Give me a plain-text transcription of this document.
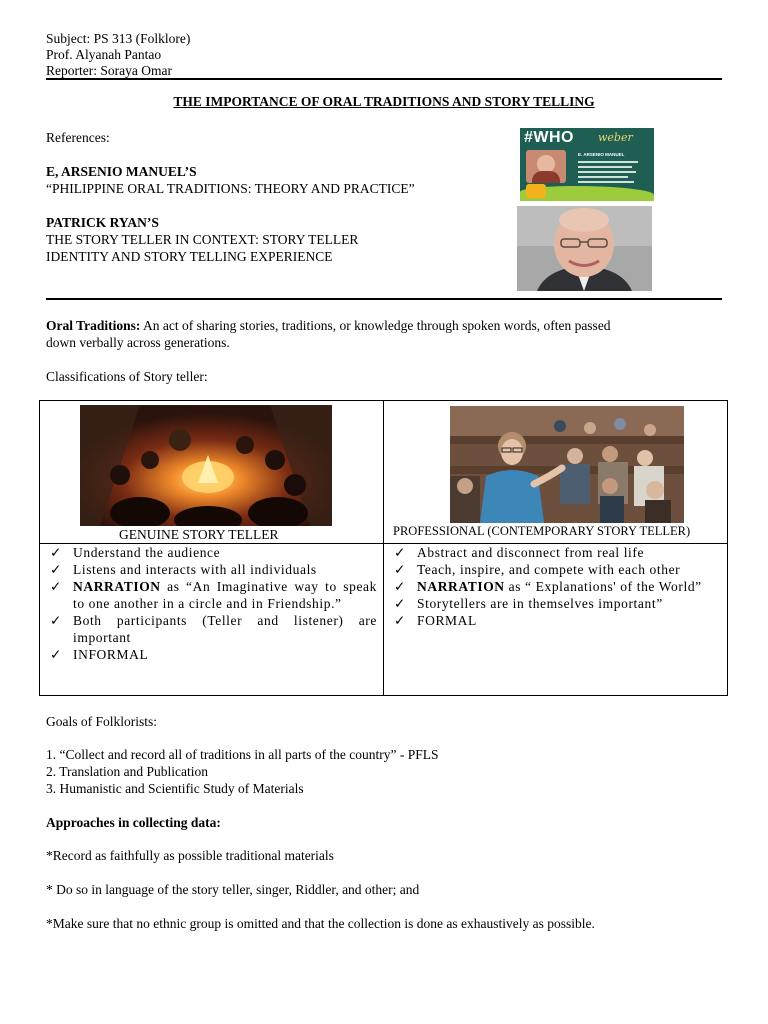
Subject: PS 313 (Folklore)
Prof. Alyanah Pantao
Reporter: Soraya Omar
THE IMPORTANCE OF ORAL TRADITIONS AND STORY TELLING
References:
E, ARSENIO MANUEL’S
“PHILIPPINE ORAL TRADITIONS: THEORY AND PRACTICE”
PATRICK RYAN’S
THE STORY TELLER IN CONTEXT: STORY TELLER
IDENTITY AND STORY TELLING EXPERIENCE
#WHO weber
E. ARSENIO MANUEL
Oral Traditions: An act of sharing stories, traditions, or knowledge through spoken words, often passed
down verbally across generations.
Classifications of Story teller:
GENUINE STORY TELLER	PROFESSIONAL (CONTEMPORARY STORY TELLER)
✓ Understand the audience
✓ Listens and interacts with all individuals
✓ NARRATION as “An Imaginative way to speak to one another in a circle and in Friendship.”
✓ Both participants (Teller and listener) are important
✓ INFORMAL
✓ Abstract and disconnect from real life
✓ Teach, inspire, and compete with each other
✓ NARRATION as “ Explanations' of the World”
✓ Storytellers are in themselves important”
✓ FORMAL
Goals of Folklorists:
1. “Collect and record all of traditions in all parts of the country” - PFLS
2. Translation and Publication
3. Humanistic and Scientific Study of Materials
Approaches in collecting data:
*Record as faithfully as possible traditional materials
* Do so in language of the story teller, singer, Riddler, and other; and
*Make sure that no ethnic group is omitted and that the collection is done as exhaustively as possible.
